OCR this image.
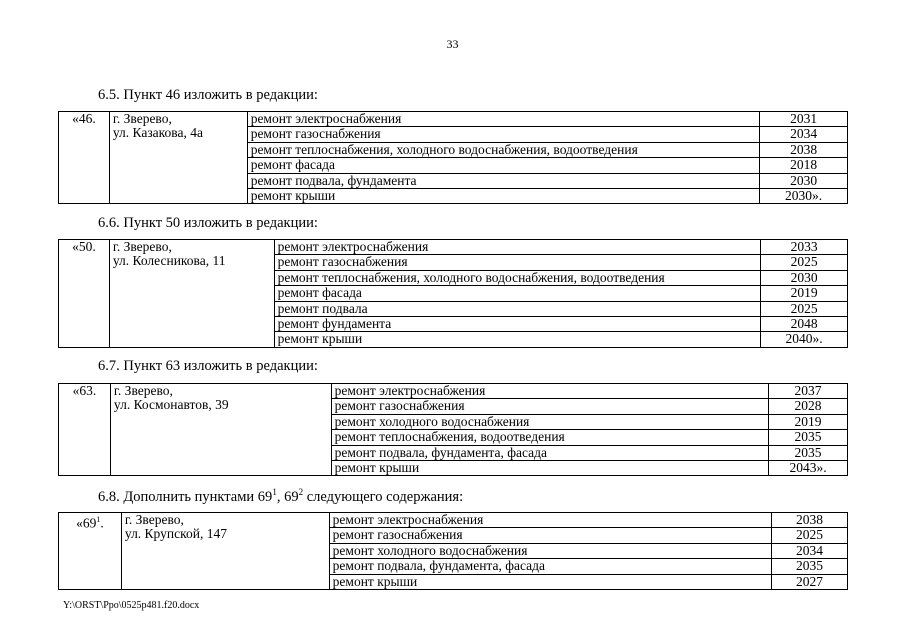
33
6.5. Пункт 46 изложить в редакции:
«46.	г. Зверево,
ул. Казакова, 4а	ремонт электроснабжения	2031
		ремонт газоснабжения	2034
		ремонт теплоснабжения, холодного водоснабжения, водоотведения	2038
		ремонт фасада	2018
		ремонт подвала, фундамента	2030
		ремонт крыши	2030».
6.6. Пункт 50 изложить в редакции:
«50.	г. Зверево,
ул. Колесникова, 11	ремонт электроснабжения	2033
		ремонт газоснабжения	2025
		ремонт теплоснабжения, холодного водоснабжения, водоотведения	2030
		ремонт фасада	2019
		ремонт подвала	2025
		ремонт фундамента	2048
		ремонт крыши	2040».
6.7. Пункт 63 изложить в редакции:
«63.	г. Зверево,
ул. Космонавтов, 39	ремонт электроснабжения	2037
		ремонт газоснабжения	2028
		ремонт холодного водоснабжения	2019
		ремонт теплоснабжения, водоотведения	2035
		ремонт подвала, фундамента, фасада	2035
		ремонт крыши	2043».
6.8. Дополнить пунктами $69^1$, $69^2$ следующего содержания:
«$69^1$.	г. Зверево,
ул. Крупской, 147	ремонт электроснабжения	2038
		ремонт газоснабжения	2025
		ремонт холодного водоснабжения	2034
		ремонт подвала, фундамента, фасада	2035
		ремонт крыши	2027
Y:\ORST\Ppo\0525p481.f20.docx
